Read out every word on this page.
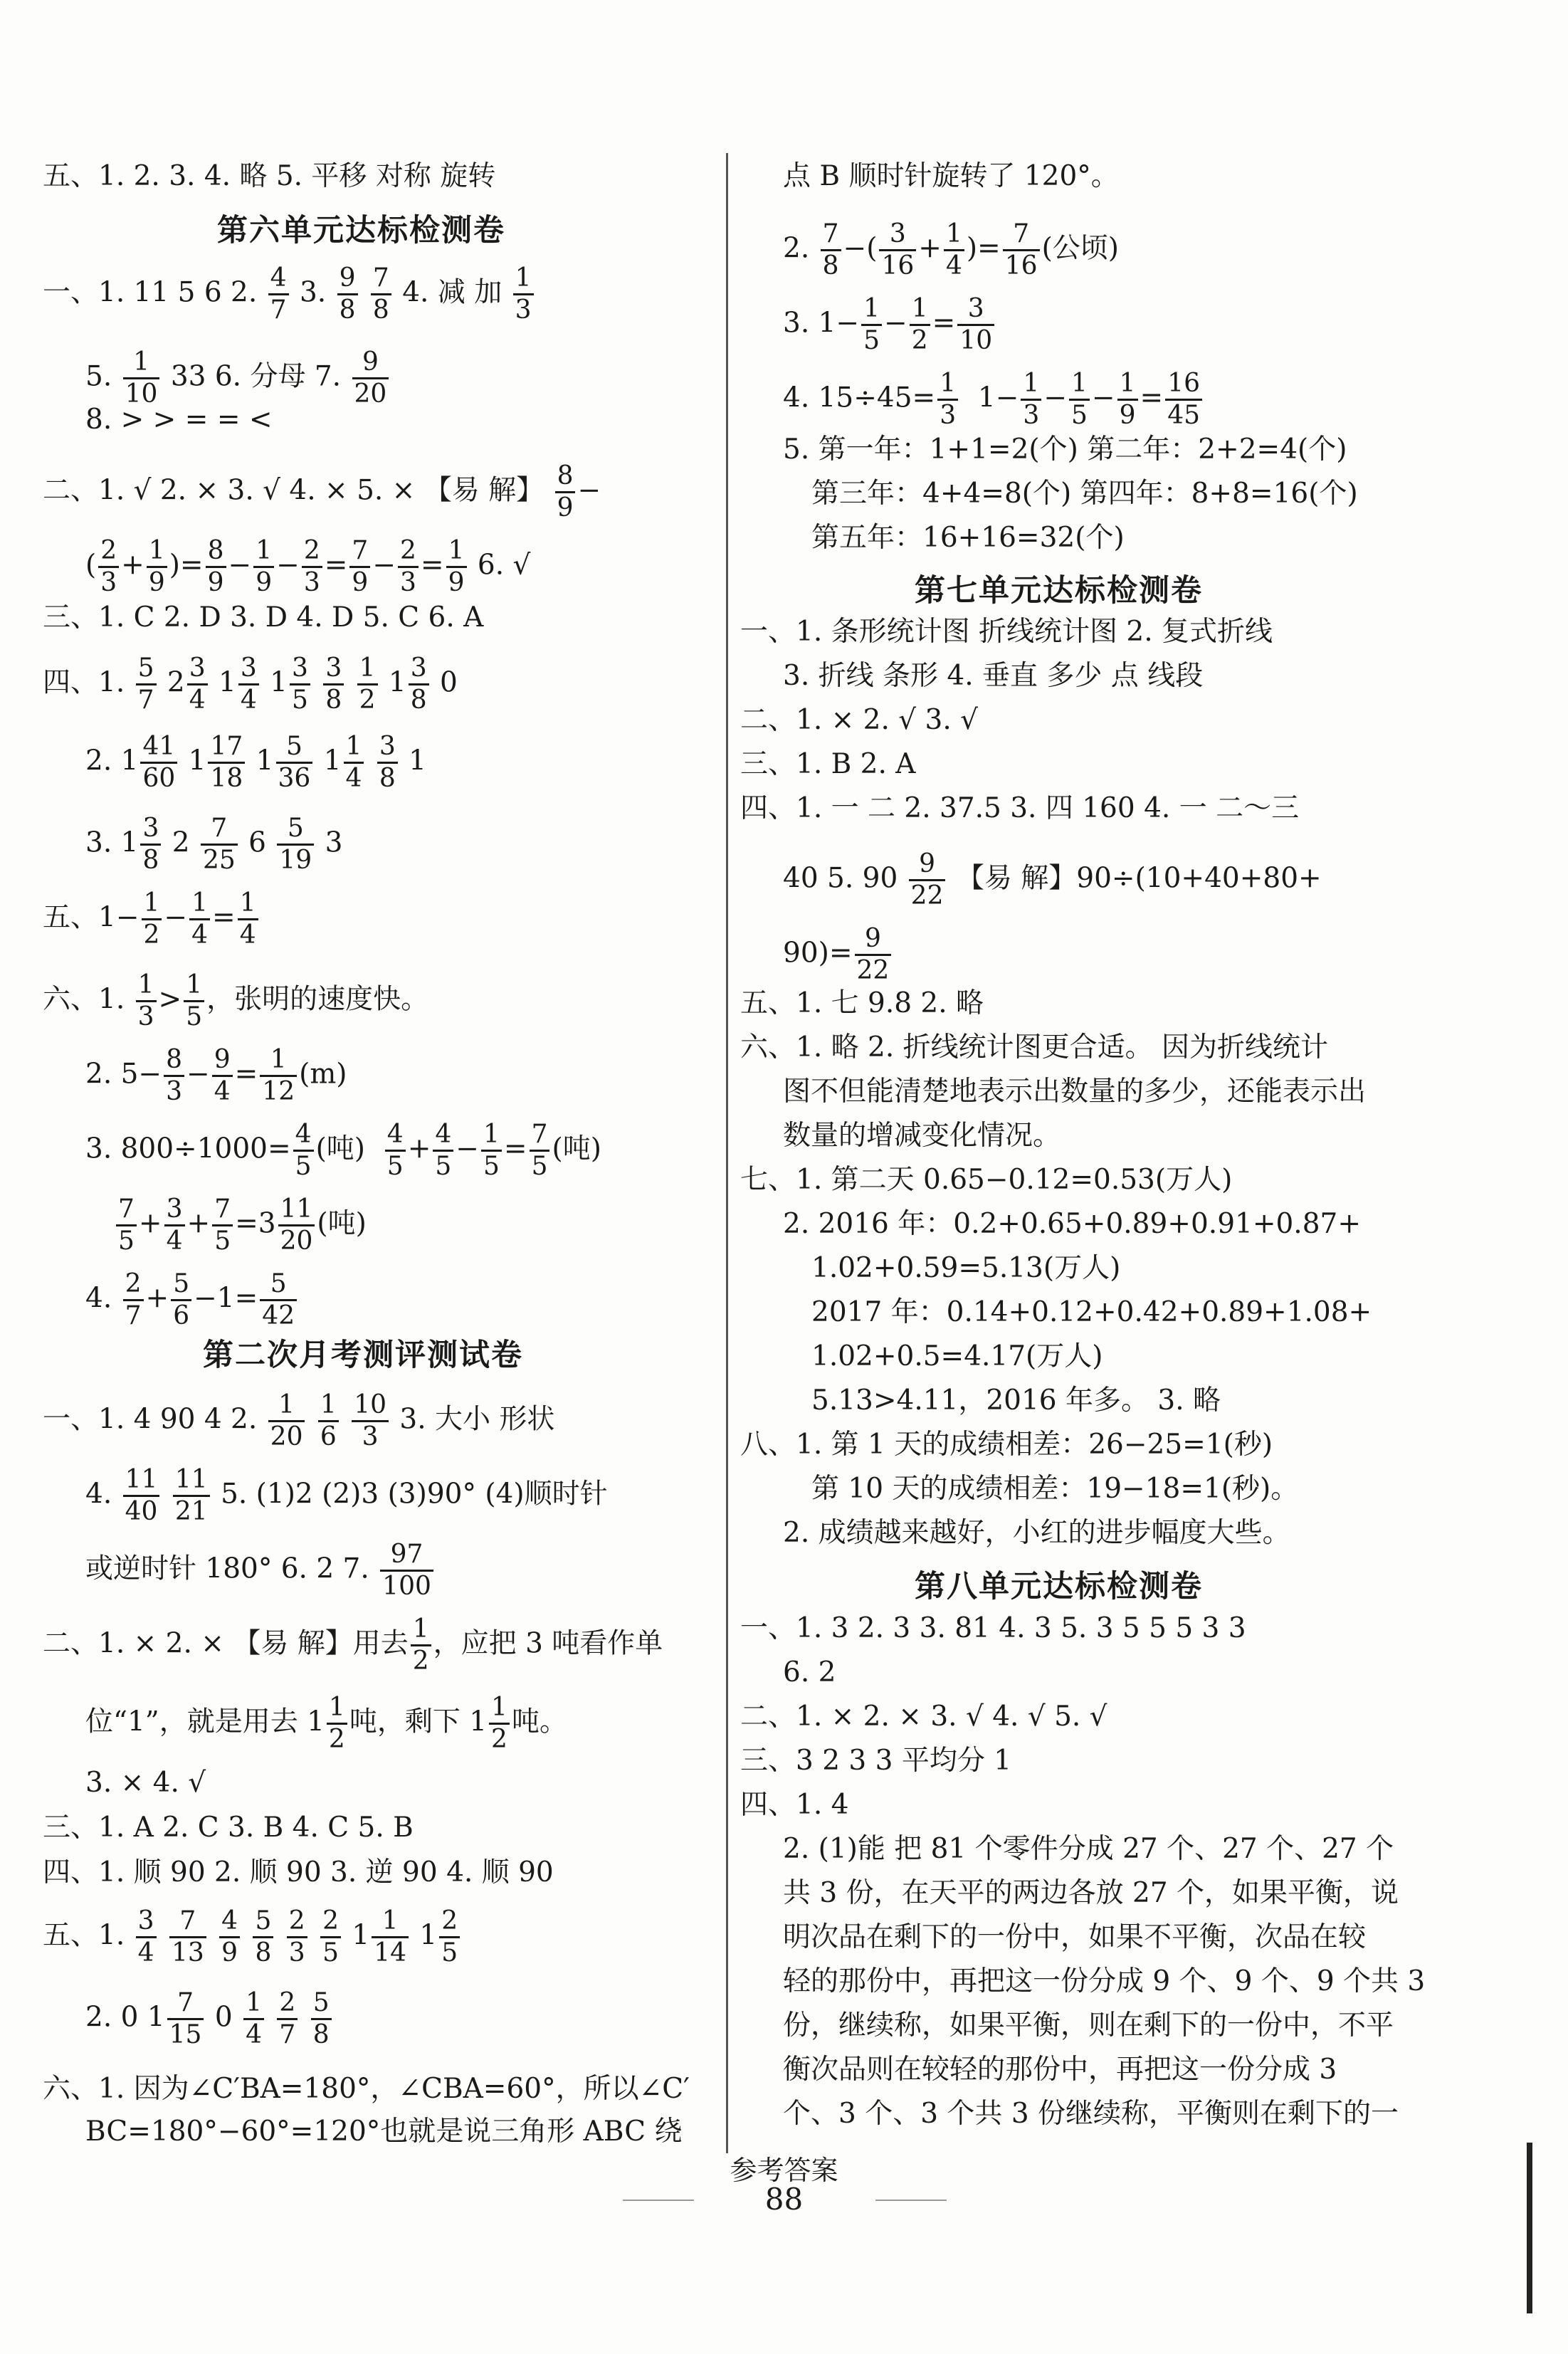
五、1. 2. 3. 4. 略 5. 平移 对称 旋转
第六单元达标检测卷
一、1. 11 5 6 2. $\frac{4}{7} 3$. $\frac{9}{8}$
$\frac{7}{8} 4$. 减 加 $\frac{1}{3}$
5. $\frac{1}{10} 33$ 6. 分母 7. $\frac{9}{20}$
8. > > = = <
二、1. √ 2. × 3. √ 4. × 5. × 【易 解】 $\frac{8}{9}$ −
( $\frac{2}{3} + \frac{1}{9}$ )= $\frac{8}{9} - \frac{1}{9} - \frac{2}{3} = \frac{7}{9} - \frac{2}{3} = \frac{1}{9} 6$. √
三、1. C 2. D 3. D 4. D 5. C 6. A
四、1. $\frac{5}{7} 2 \frac{3}{4} 1 \frac{3}{4} 1 \frac{3}{5}$
$\frac{3}{8}$
$\frac{1}{2} 1 \frac{3}{8} 0$
2. $1 \frac{41}{60} 1 \frac{17}{18} 1 \frac{5}{36} 1 \frac{1}{4}$
$\frac{3}{8} 1$
3. $1 \frac{3}{8} 2 \frac{7}{25} 6 \frac{5}{19} 3$
五、$1- \frac{1}{2} - \frac{1}{4} = \frac{1}{4}$
六、1. $\frac{1}{3} > \frac{1}{5}$ ，张明的速度快。
2. $5- \frac{8}{3} - \frac{9}{4} = \frac{1}{12} (m)$
3. $800\div 1000= \frac{4}{5}$ (吨) $\frac{4}{5} + \frac{4}{5} - \frac{1}{5} = \frac{7}{5}$ (吨)
$\frac{7}{5} + \frac{3}{4} + \frac{7}{5} =3 \frac{11}{20}$ (吨)
4. $\frac{2}{7} + \frac{5}{6} -1= \frac{5}{42}$
第二次月考测评测试卷
一、1. 4 90 4 2. $\frac{1}{20}$
$\frac{1}{6}$
$\frac{10}{3} 3$. 大小 形状
4. $\frac{11}{40}$
$\frac{11}{21} 5$. (1)2 (2)3 (3)90° (4)顺时针
或逆时针 180° 6. 2 7. $\frac{97}{100}$
二、1. × 2. × 【易 解】用去 $\frac{1}{2}$ ，应把 3 吨看作单
位“1”，就是用去 $1 \frac{1}{2}$ 吨，剩下 $1 \frac{1}{2}$ 吨。
3. × 4. √
三、1. A 2. C 3. B 4. C 5. B
四、1. 顺 90 2. 顺 90 3. 逆 90 4. 顺 90
五、1. $\frac{3}{4}$
$\frac{7}{13}$
$\frac{4}{9}$
$\frac{5}{8}$
$\frac{2}{3}$
$\frac{2}{5} 1 \frac{1}{14} 1 \frac{2}{5}$
2. 0 $1 \frac{7}{15} 0 \frac{1}{4}$
$\frac{2}{7}$
$\frac{5}{8}$
六、1. 因为∠C′BA=180°，∠CBA=60°，所以∠C′
BC=180°−60°=120°也就是说三角形 ABC 绕
点 B 顺时针旋转了 120°。
2. $\frac{7}{8}$ −( $\frac{3}{16} + \frac{1}{4}$ )= $\frac{7}{16}$ (公顷)
3. $1- \frac{1}{5} - \frac{1}{2} = \frac{3}{10}$
4. $15\div 45= \frac{1}{3} 1- \frac{1}{3} - \frac{1}{5} - \frac{1}{9} = \frac{16}{45}$
5. 第一年：1+1=2(个) 第二年：2+2=4(个)
第三年：4+4=8(个) 第四年：8+8=16(个)
第五年：16+16=32(个)
第七单元达标检测卷
一、1. 条形统计图 折线统计图 2. 复式折线
3. 折线 条形 4. 垂直 多少 点 线段
二、1. × 2. √ 3. √
三、1. B 2. A
四、1. 一 二 2. 37.5 3. 四 160 4. 一 二～三
40 5. $90 \frac{9}{22}$ 【易 解】90÷(10+40+80+
$90)= \frac{9}{22}$
五、1. 七 9.8 2. 略
六、1. 略 2. 折线统计图更合适。 因为折线统计
图不但能清楚地表示出数量的多少，还能表示出
数量的增减变化情况。
七、1. 第二天 0.65−0.12=0.53(万人)
2. 2016 年：0.2+0.65+0.89+0.91+0.87+
1.02+0.59=5.13(万人)
2017 年：0.14+0.12+0.42+0.89+1.08+
1.02+0.5=4.17(万人)
5.13>4.11，2016 年多。 3. 略
八、1. 第 1 天的成绩相差：26−25=1(秒)
第 10 天的成绩相差：19−18=1(秒)。
2. 成绩越来越好，小红的进步幅度大些。
第八单元达标检测卷
一、1. 3 2. 3 3. 81 4. 3 5. 3 5 5 5 3 3
6. 2
二、1. × 2. × 3. √ 4. √ 5. √
三、3 2 3 3 平均分 1
四、1. 4
2. (1)能 把 81 个零件分成 27 个、27 个、27 个
共 3 份，在天平的两边各放 27 个，如果平衡，说
明次品在剩下的一份中，如果不平衡，次品在较
轻的那份中，再把这一份分成 9 个、9 个、9 个共 3
份，继续称，如果平衡，则在剩下的一份中，不平
衡次品则在较轻的那份中，再把这一份分成 3
个、3 个、3 个共 3 份继续称，平衡则在剩下的一
参考答案
88
